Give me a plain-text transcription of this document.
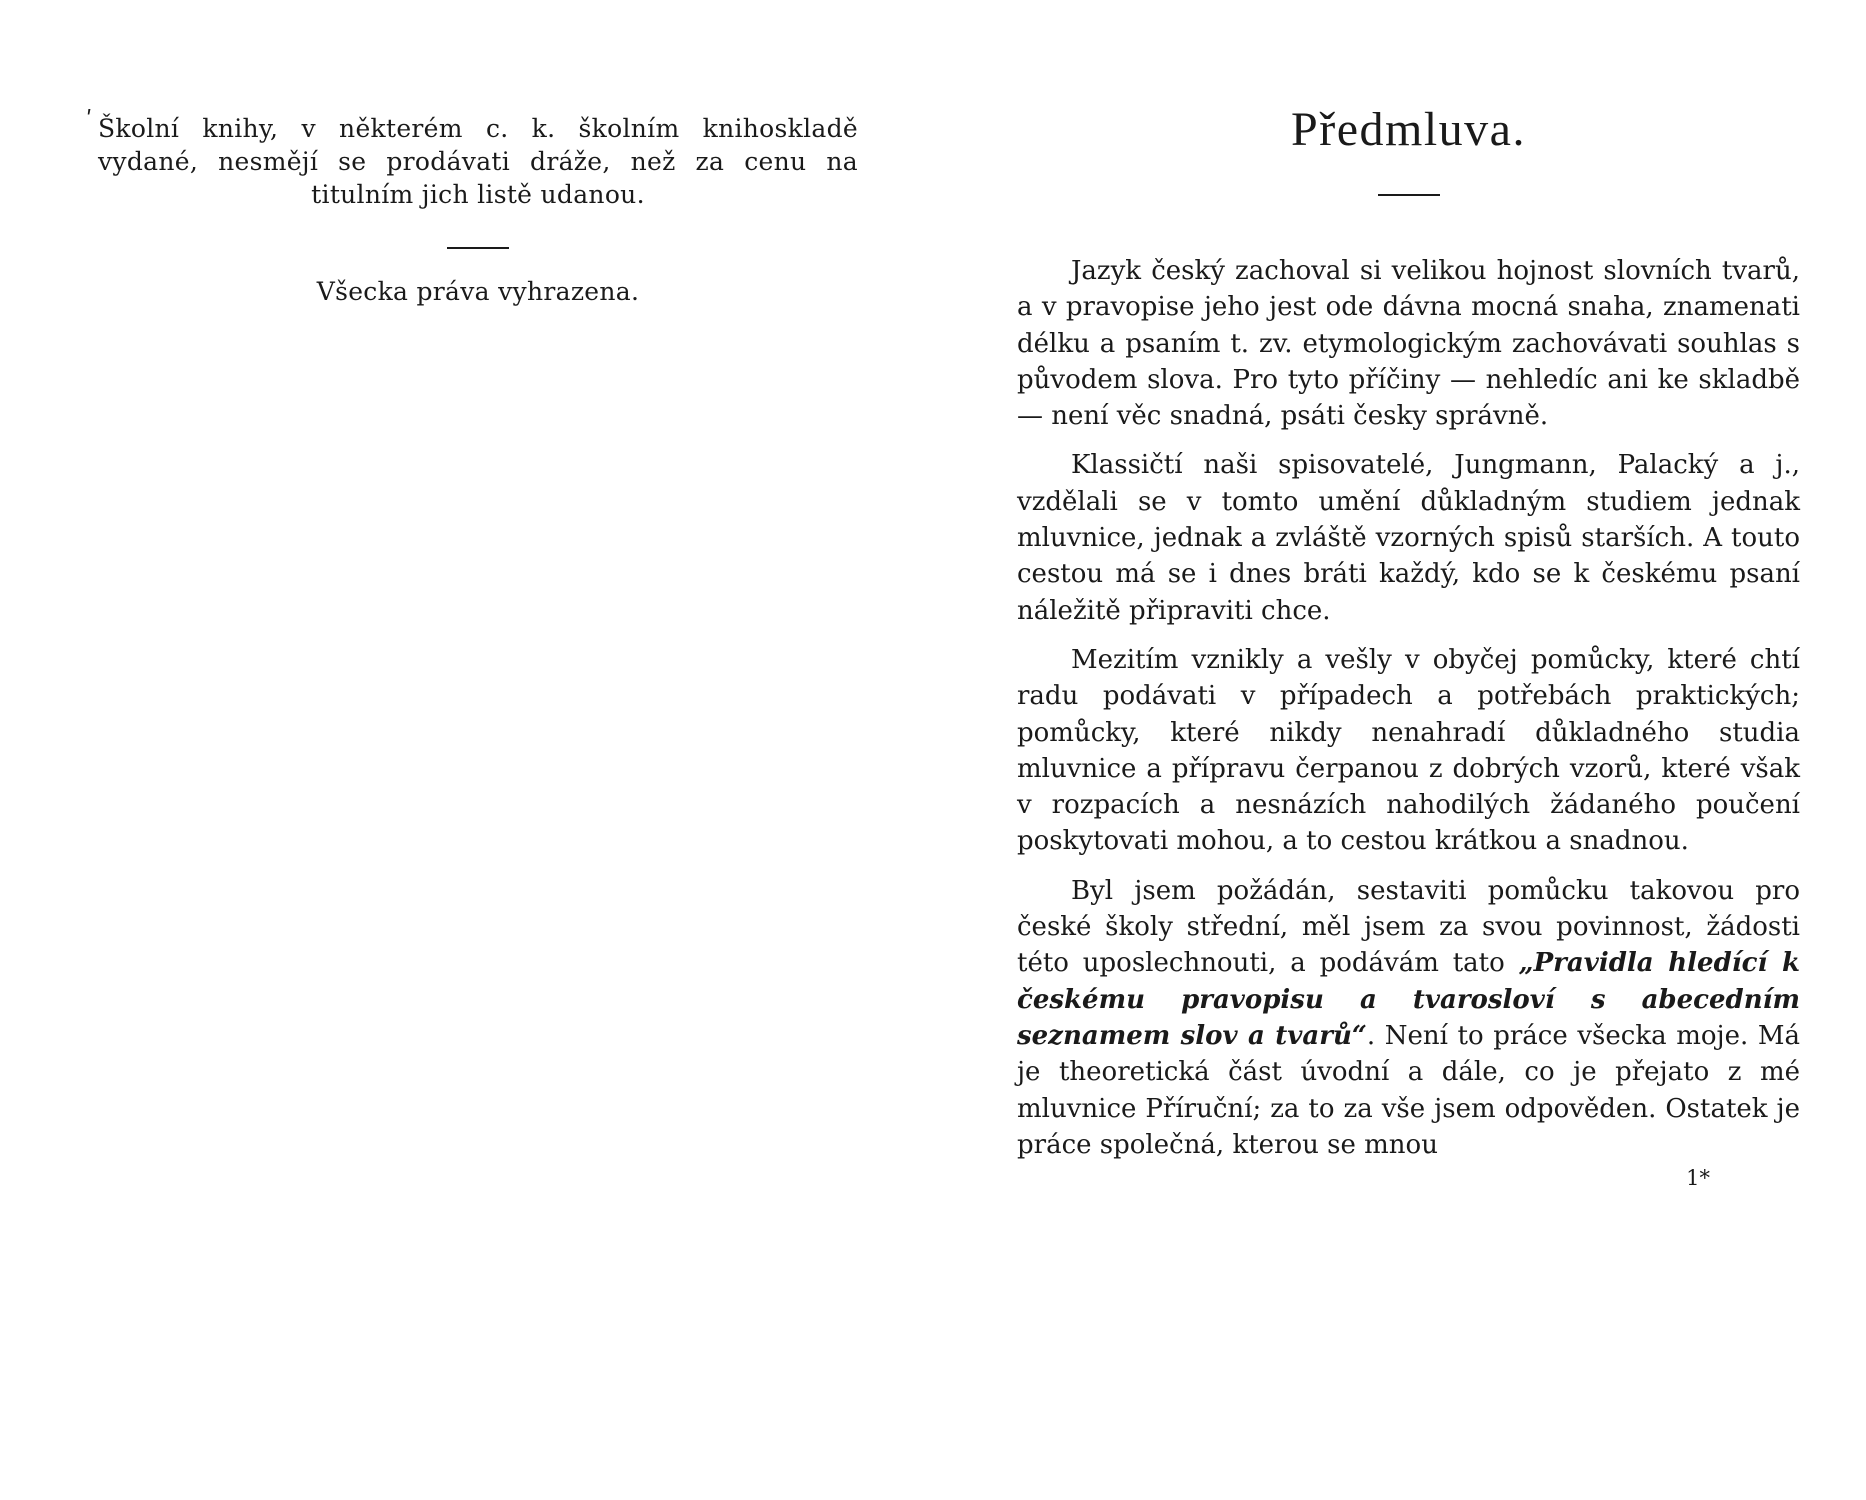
ʹ Školní knihy, v některém c. k. školním knihoskladě vydané, nesmějí se prodávati dráže, než za cenu na titulním jich listě udanou.

Všecka práva vyhrazena.

Předmluva.

Jazyk český zachoval si velikou hojnost slovních tvarů, a v pravopise jeho jest ode dávna mocná snaha, znamenati délku a psaním t. zv. etymologickým zachovávati souhlas s původem slova. Pro tyto příčiny — nehledíc ani ke skladbě — není věc snadná, psáti česky správně.

Klassičtí naši spisovatelé, Jungmann, Palacký a j., vzdělali se v tomto umění důkladným studiem jednak mluvnice, jednak a zvláště vzorných spisů starších. A touto cestou má se i dnes bráti každý, kdo se k českému psaní náležitě připraviti chce.

Mezitím vznikly a vešly v obyčej pomůcky, které chtí radu podávati v případech a potřebách praktických; pomůcky, které nikdy nenahradí důkladného studia mluvnice a přípravu čerpanou z dobrých vzorů, které však v rozpacích a nesnázích nahodilých žádaného poučení poskytovati mohou, a to cestou krátkou a snadnou.

Byl jsem požádán, sestaviti pomůcku takovou pro české školy střední, měl jsem za svou povinnost, žádosti této uposlechnouti, a podávám tato „Pravidla hledící k českému pravopisu a tvarosloví s abecedním seznamem slov a tvarů“. Není to práce všecka moje. Má je theoretická část úvodní a dále, co je přejato z mé mluvnice Příruční; za to za vše jsem odpověden. Ostatek je práce společná, kterou se mnou

1*
